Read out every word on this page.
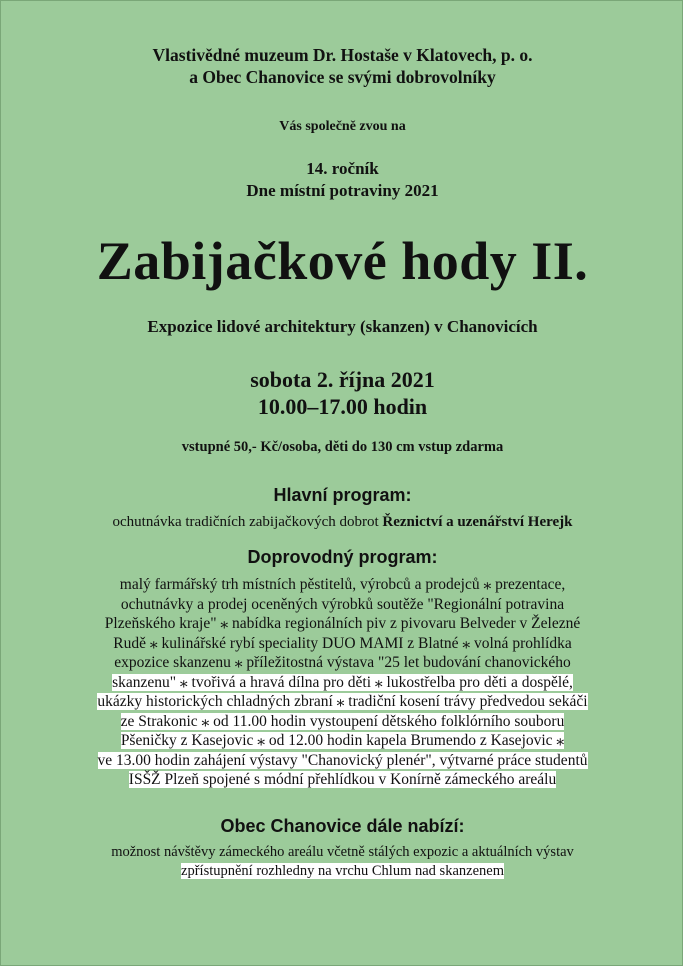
Vlastivědné muzeum Dr. Hostaše v Klatovech, p. o.
a Obec Chanovice se svými dobrovolníky
Vás společně zvou na
14. ročník
Dne místní potraviny 2021
Zabijačkové hody II.
Expozice lidové architektury (skanzen) v Chanovicích
sobota 2. října 2021
10.00–17.00 hodin
vstupné 50,- Kč/osoba, děti do 130 cm vstup zdarma
Hlavní program:
ochutnávka tradičních zabijačkových dobrot Řeznictví a uzenářství Herejk
Doprovodný program:
malý farmářský trh místních pěstitelů, výrobců a prodejců ⁎ prezentace,
ochutnávky a prodej oceněných výrobků soutěže "Regionální potravina
Plzeňského kraje" ⁎ nabídka regionálních piv z pivovaru Belveder v Železné
Rudě ⁎ kulinářské rybí speciality DUO MAMI z Blatné ⁎ volná prohlídka
expozice skanzenu ⁎ příležitostná výstava "25 let budování chanovického
skanzenu" ⁎ tvořivá a hravá dílna pro děti ⁎ lukostřelba pro děti a dospělé,
ukázky historických chladných zbraní ⁎ tradiční kosení trávy předvedou sekáči
ze Strakonic ⁎ od 11.00 hodin vystoupení dětského folklórního souboru
Pšeničky z Kasejovic ⁎ od 12.00 hodin kapela Brumendo z Kasejovic ⁎
ve 13.00 hodin zahájení výstavy "Chanovický plenér", výtvarné práce studentů
ISŠŽ Plzeň spojené s módní přehlídkou v Konírně zámeckého areálu
Obec Chanovice dále nabízí:
možnost návštěvy zámeckého areálu včetně stálých expozic a aktuálních výstav
zpřístupnění rozhledny na vrchu Chlum nad skanzenem
